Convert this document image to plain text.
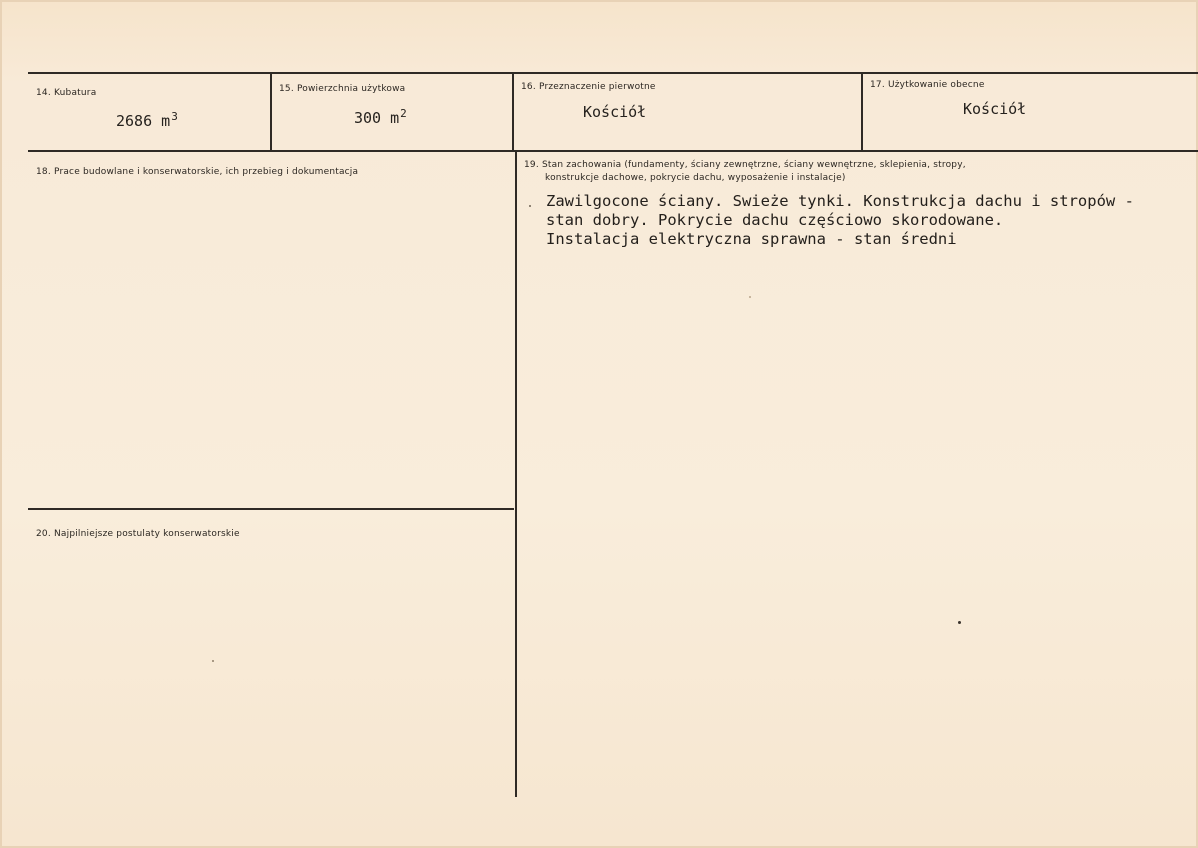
14. Kubatura
2686 $m^3$
15. Powierzchnia użytkowa
300 $m^2$
16. Przeznaczenie pierwotne
Kościół
17. Użytkowanie obecne
Kościół
18. Prace budowlane i konserwatorskie, ich przebieg i dokumentacja
19. Stan zachowania (fundamenty, ściany zewnętrzne, ściany wewnętrzne, sklepienia, stropy,
konstrukcje dachowe, pokrycie dachu, wyposażenie i instalacje)
Zawilgocone ściany. Swieże tynki. Konstrukcja dachu i stropów -
stan dobry. Pokrycie dachu częściowo skorodowane.
Instalacja elektryczna sprawna - stan średni
20. Najpilniejsze postulaty konserwatorskie
